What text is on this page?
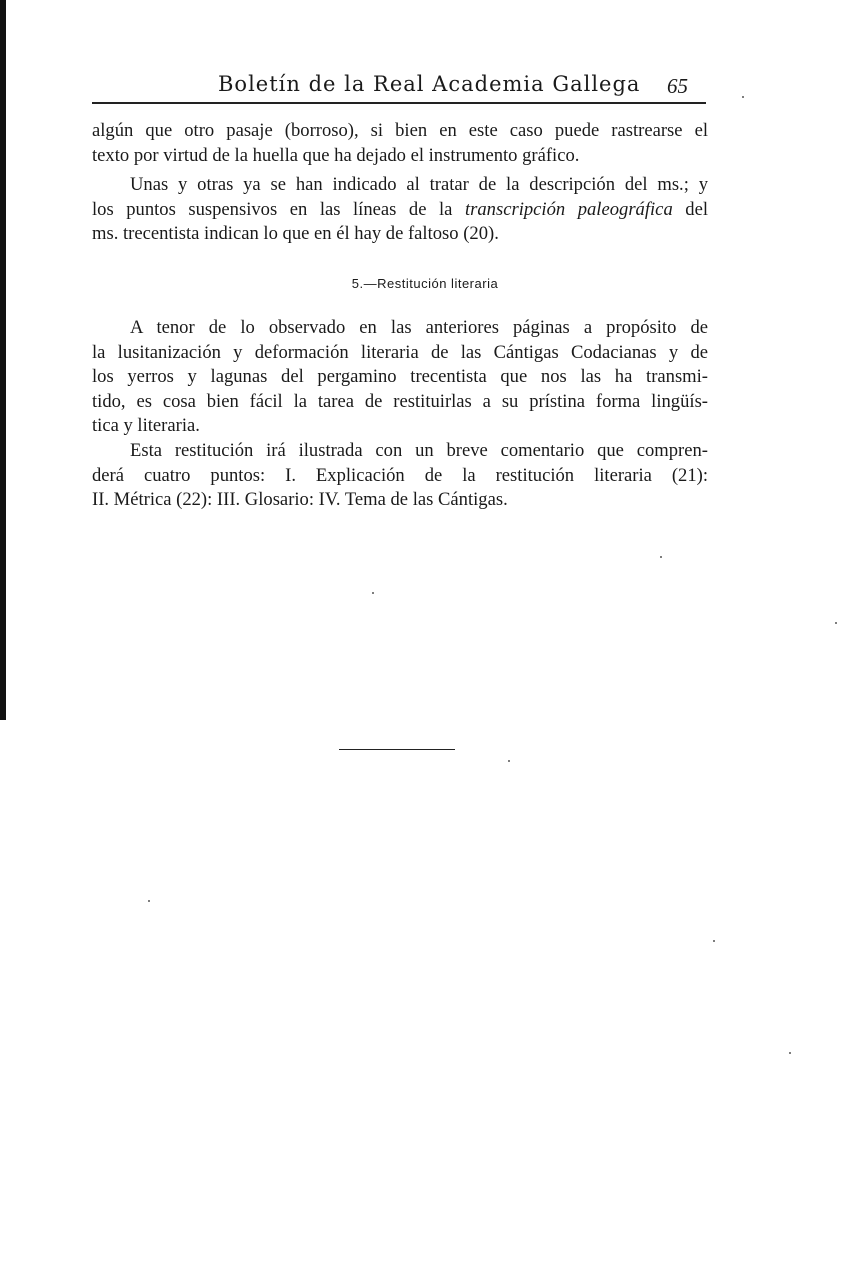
Boletín de la Real Academia Gallega 65
algún que otro pasaje (borroso), si bien en este caso puede rastrearse el
texto por virtud de la huella que ha dejado el instrumento gráfico.
Unas y otras ya se han indicado al tratar de la descripción del ms.; y
los puntos suspensivos en las líneas de la transcripción paleográfica del
ms. trecentista indican lo que en él hay de faltoso (20).
5.—Restitución literaria
A tenor de lo observado en las anteriores páginas a propósito de
la lusitanización y deformación literaria de las Cántigas Codacianas y de
los yerros y lagunas del pergamino trecentista que nos las ha transmi-
tido, es cosa bien fácil la tarea de restituirlas a su prístina forma lingüís-
tica y literaria.
Esta restitución irá ilustrada con un breve comentario que compren-
derá cuatro puntos: I. Explicación de la restitución literaria (21):
II. Métrica (22): III. Glosario: IV. Tema de las Cántigas.
